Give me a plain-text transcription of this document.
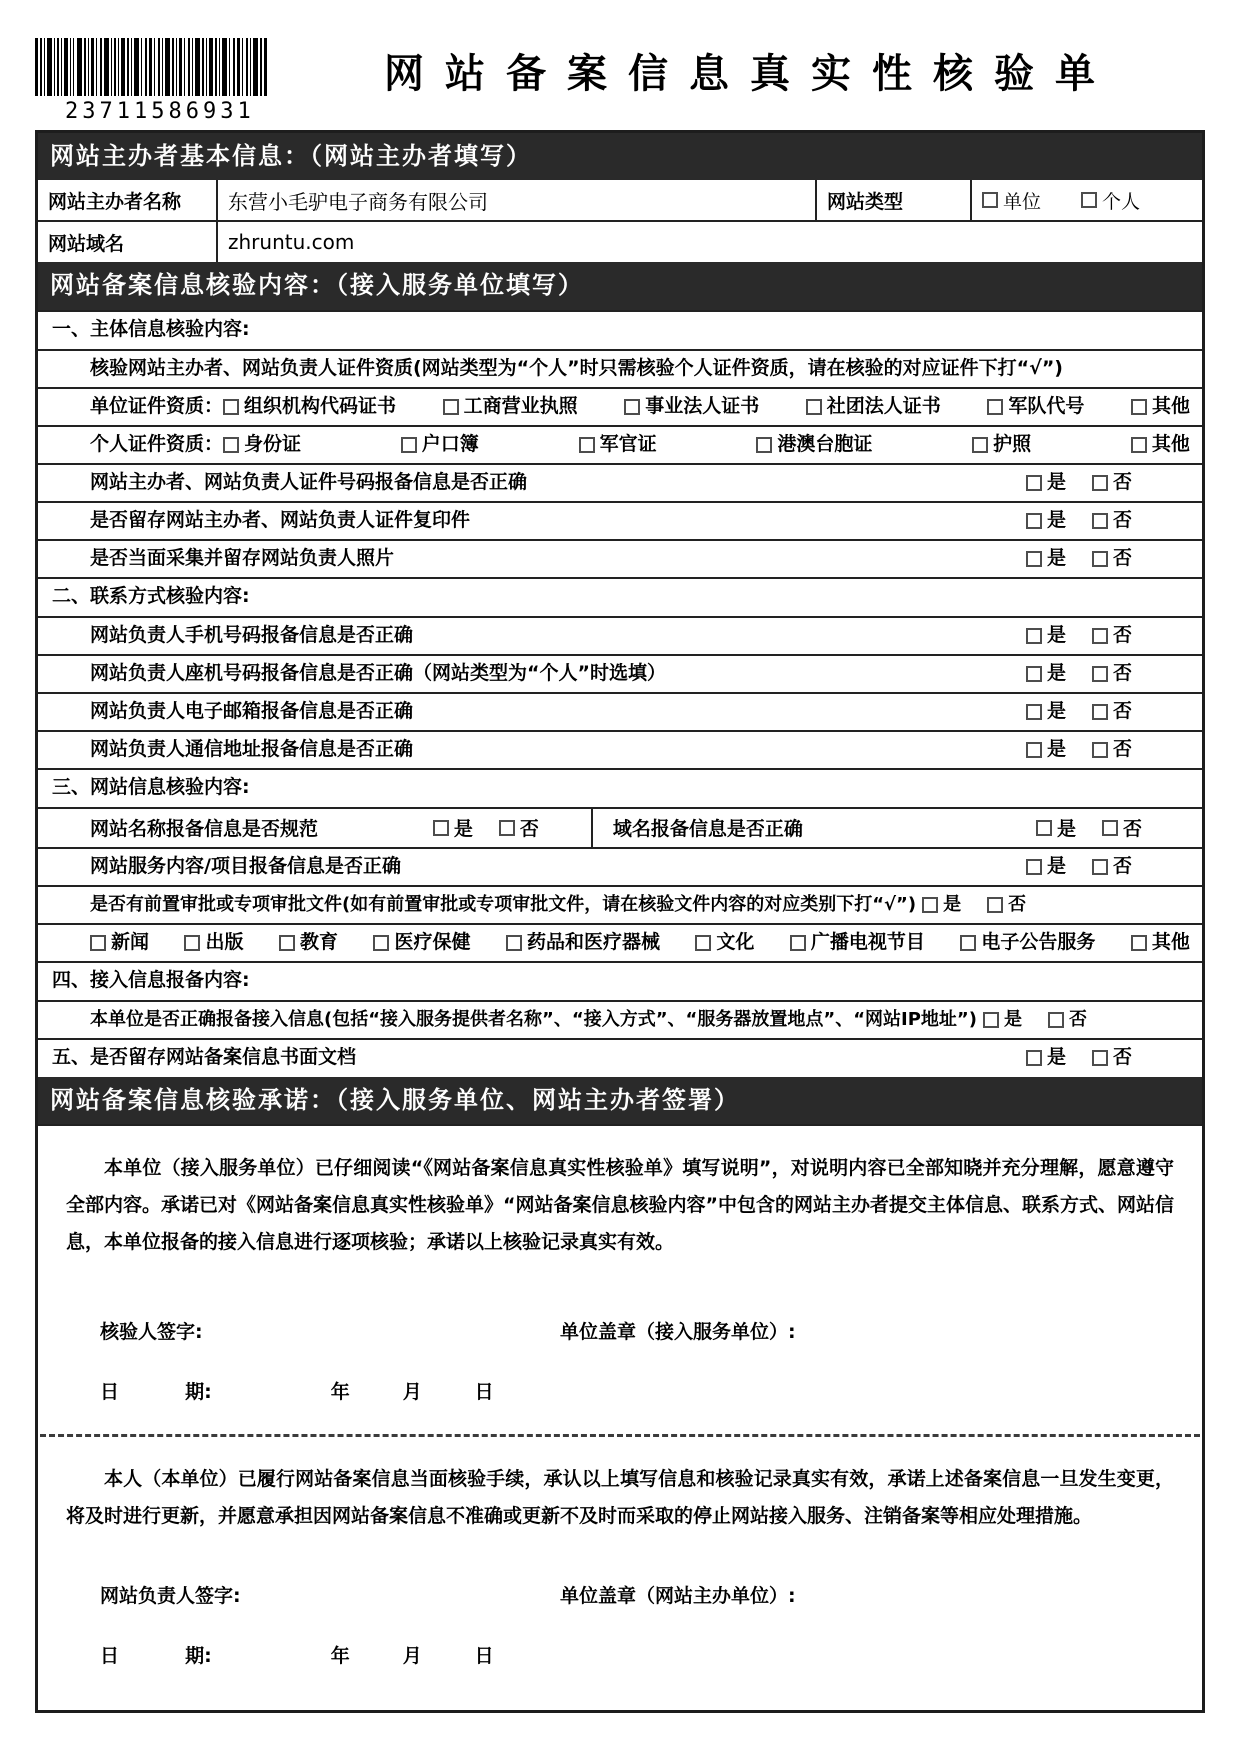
23711586931
网站备案信息真实性核验单
网站主办者基本信息：（网站主办者填写）
网站主办者名称	东营小毛驴电子商务有限公司	网站类型	单位	个人
网站域名	zhruntu.com
网站备案信息核验内容：（接入服务单位填写）
一、主体信息核验内容:
核验网站主办者、网站负责人证件资质(网站类型为“个人”时只需核验个人证件资质，请在核验的对应证件下打“√”)
单位证件资质： 组织机构代码证书	工商营业执照	事业法人证书	社团法人证书	军队代号	其他
个人证件资质： 身份证	户口簿	军官证	港澳台胞证	护照	其他
网站主办者、网站负责人证件号码报备信息是否正确	是 否
是否留存网站主办者、网站负责人证件复印件	是 否
是否当面采集并留存网站负责人照片	是 否
二、联系方式核验内容:
网站负责人手机号码报备信息是否正确	是 否
网站负责人座机号码报备信息是否正确（网站类型为“个人”时选填）	是 否
网站负责人电子邮箱报备信息是否正确	是 否
网站负责人通信地址报备信息是否正确	是 否
三、网站信息核验内容:
网站名称报备信息是否规范	是 否	域名报备信息是否正确	是 否
网站服务内容/项目报备信息是否正确	是 否
是否有前置审批或专项审批文件(如有前置审批或专项审批文件，请在核验文件内容的对应类别下打“√”) 是	否
新闻	出版	教育	医疗保健	药品和医疗器械	文化	广播电视节目	电子公告服务	其他
四、接入信息报备内容:
本单位是否正确报备接入信息(包括“接入服务提供者名称”、“接入方式”、“服务器放置地点”、“网站IP地址”) 是	否
五、是否留存网站备案信息书面文档	是 否
网站备案信息核验承诺：（接入服务单位、网站主办者签署）
本单位（接入服务单位）已仔细阅读“《网站备案信息真实性核验单》填写说明”，对说明内容已全部知晓并充分理解，愿意遵守全部内容。承诺已对《网站备案信息真实性核验单》“网站备案信息核验内容”中包含的网站主办者提交主体信息、联系方式、网站信息，本单位报备的接入信息进行逐项核验；承诺以上核验记录真实有效。
核验人签字:	单位盖章（接入服务单位）:
日          期:                  年        月        日
本人（本单位）已履行网站备案信息当面核验手续，承认以上填写信息和核验记录真实有效，承诺上述备案信息一旦发生变更，将及时进行更新，并愿意承担因网站备案信息不准确或更新不及时而采取的停止网站接入服务、注销备案等相应处理措施。
网站负责人签字:	单位盖章（网站主办单位）:
日          期:                  年        月        日
